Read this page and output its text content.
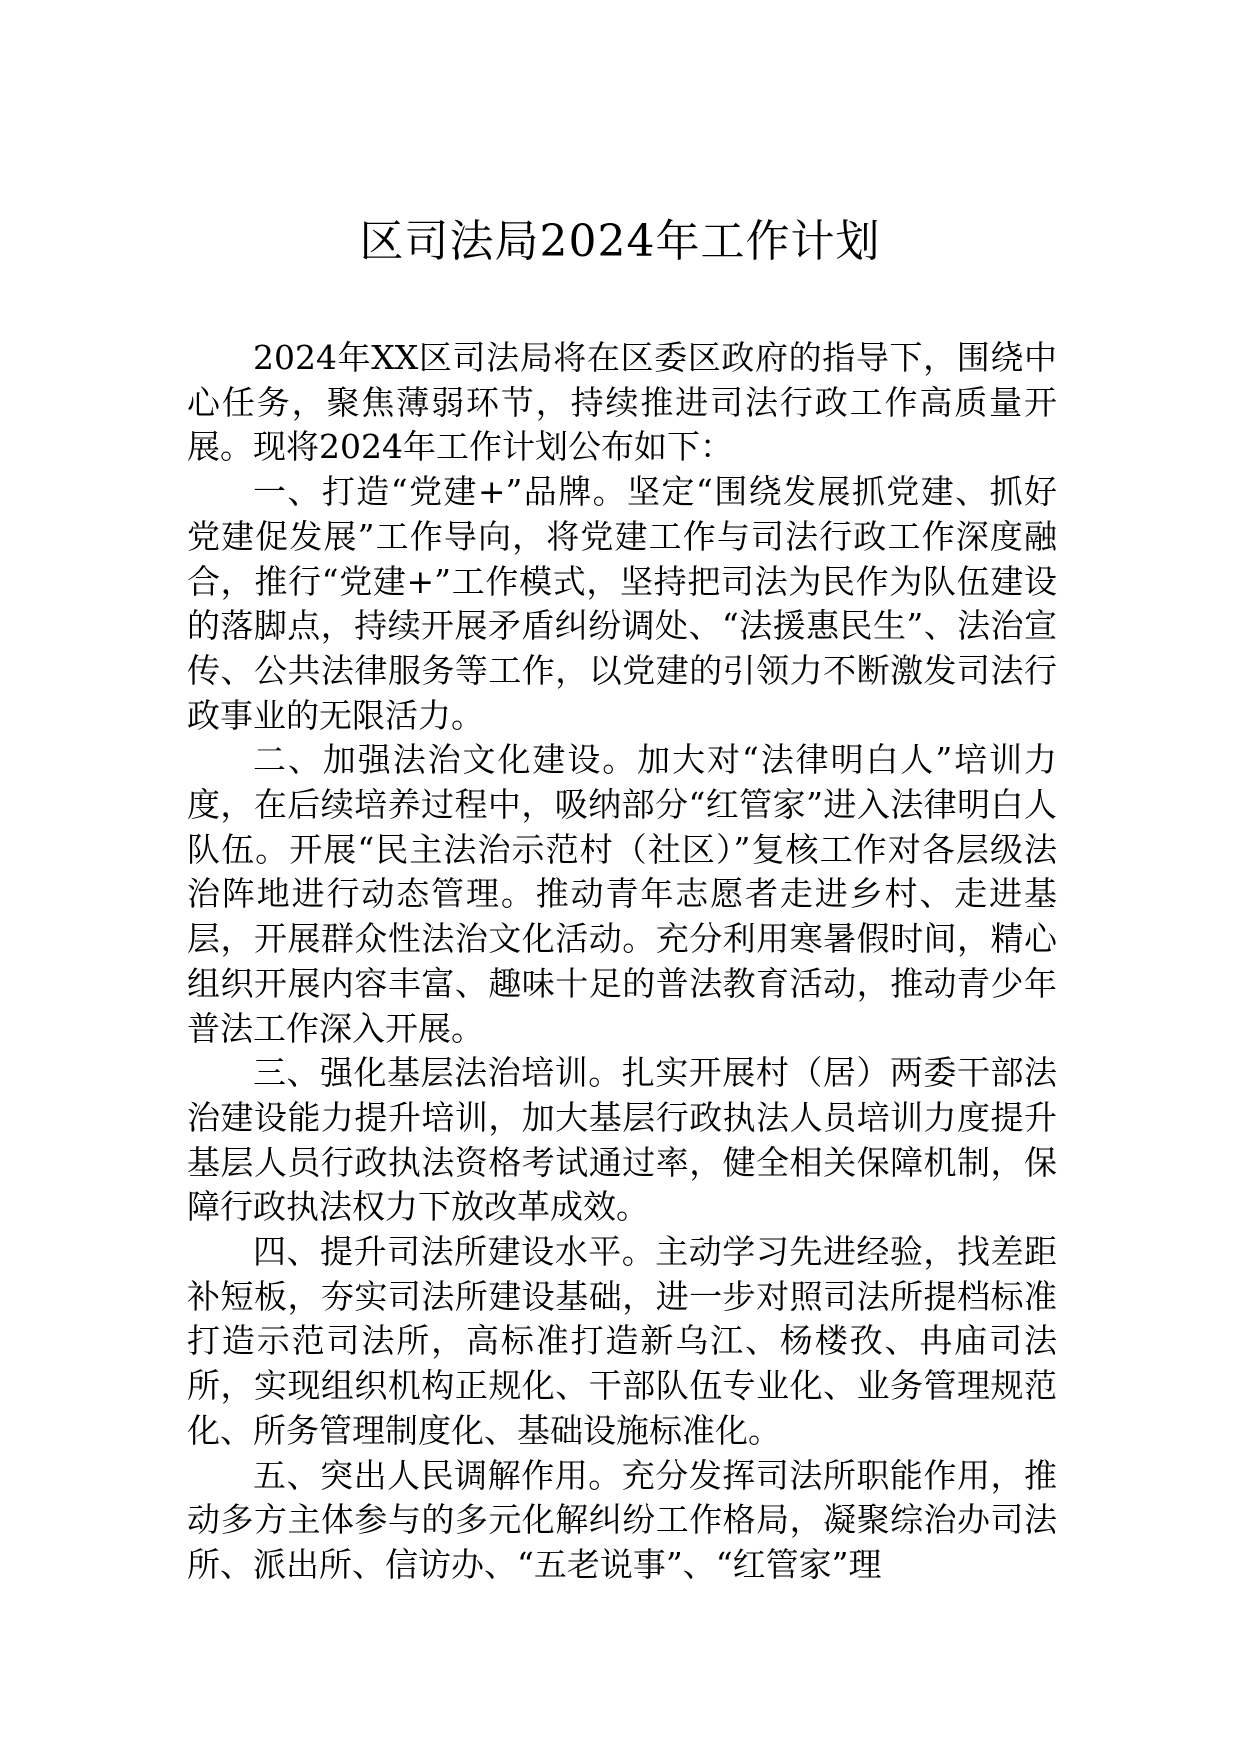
区司法局2024年工作计划

2024年XX区司法局将在区委区政府的指导下，围绕中心任务，聚焦薄弱环节，持续推进司法行政工作高质量开展。现将2024年工作计划公布如下：

一、打造“党建+”品牌。坚定“围绕发展抓党建、抓好党建促发展”工作导向，将党建工作与司法行政工作深度融合，推行“党建+”工作模式，坚持把司法为民作为队伍建设的落脚点，持续开展矛盾纠纷调处、“法援惠民生”、法治宣传、公共法律服务等工作，以党建的引领力不断激发司法行政事业的无限活力。

二、加强法治文化建设。加大对“法律明白人”培训力度，在后续培养过程中，吸纳部分“红管家”进入法律明白人队伍。开展“民主法治示范村（社区）”复核工作对各层级法治阵地进行动态管理。推动青年志愿者走进乡村、走进基层，开展群众性法治文化活动。充分利用寒暑假时间，精心组织开展内容丰富、趣味十足的普法教育活动，推动青少年普法工作深入开展。

三、强化基层法治培训。扎实开展村（居）两委干部法治建设能力提升培训，加大基层行政执法人员培训力度提升基层人员行政执法资格考试通过率，健全相关保障机制，保障行政执法权力下放改革成效。

四、提升司法所建设水平。主动学习先进经验，找差距补短板，夯实司法所建设基础，进一步对照司法所提档标准打造示范司法所，高标准打造新乌江、杨楼孜、冉庙司法所，实现组织机构正规化、干部队伍专业化、业务管理规范化、所务管理制度化、基础设施标准化。

五、突出人民调解作用。充分发挥司法所职能作用，推动多方主体参与的多元化解纠纷工作格局，凝聚综治办司法所、派出所、信访办、“五老说事”、“红管家”理
